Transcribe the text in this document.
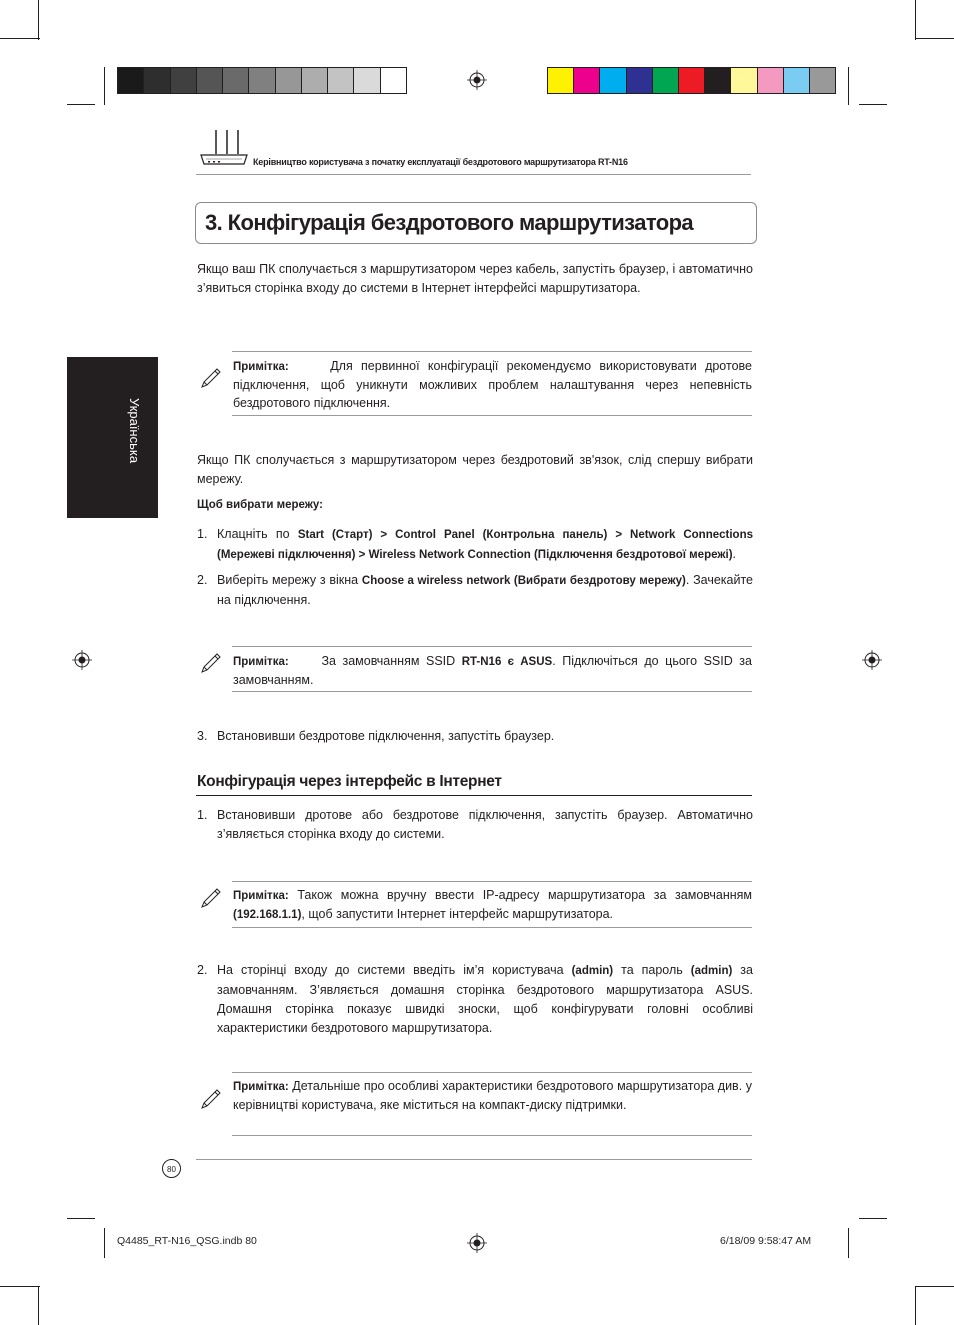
Керівництво користувача з початку експлуатації бездротового маршрутизатора RT-N16
Українська
3. Конфігурація бездротового маршрутизатора
Якщо ваш ПК сполучається з маршрутизатором через кабель, запустіть браузер, і автоматично з’явиться сторінка входу до системи в Інтернет інтерфейсі маршрутизатора.
Примітка:	Для первинної конфігурації рекомендуємо використовувати дротове підключення, щоб уникнути можливих проблем налаштування через непевність бездротового підключення.
Якщо ПК сполучається з маршрутизатором через бездротовий зв'язок, слід спершу вибрати мережу.
Щоб вибрати мережу:
1. Клацніть по Start (Старт) > Control Panel (Контрольна панель) > Network Connections (Мережеві підключення) > Wireless Network Connection (Підключення бездротової мережі).
2. Виберіть мережу з вікна Choose a wireless network (Вибрати бездротову мережу). Зачекайте на підключення.
Примітка:	За замовчанням SSID RT-N16 є ASUS. Підключіться до цього SSID за замовчанням.
3. Встановивши бездротове підключення, запустіть браузер.
Конфігурація через інтерфейс в Інтернет
1. Встановивши дротове або бездротове підключення, запустіть браузер. Автоматично з’являється сторінка входу до системи.
Примітка: Також можна вручну ввести IP-адресу маршрутизатора за замовчанням (192.168.1.1), щоб запустити Інтернет інтерфейс маршрутизатора.
2. На сторінці входу до системи введіть ім’я користувача (admin) та пароль (admin) за замовчанням. З’являється домашня сторінка бездротового маршрутизатора ASUS. Домашня сторінка показує швидкі зноски, щоб конфігурувати головні особливі характеристики бездротового маршрутизатора.
Примітка: Детальніше про особливі характеристики бездротового маршрутизатора див. у керівництві користувача, яке міститься на компакт-диску підтримки.
80
Q4485_RT-N16_QSG.indb 80	6/18/09 9:58:47 AM
